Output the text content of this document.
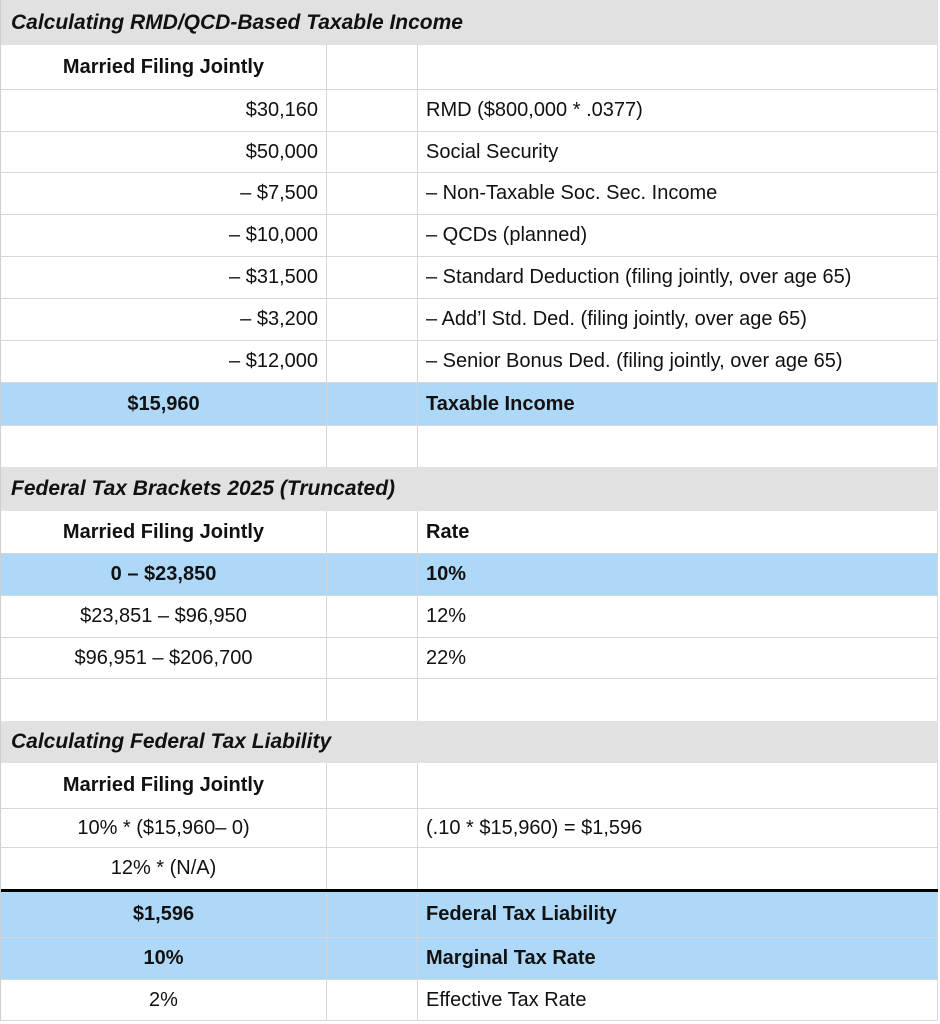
Calculating RMD/QCD-Based Taxable Income
Married Filing Jointly
$30,160	RMD ($800,000 * .0377)
$50,000	Social Security
– $7,500	– Non-Taxable Soc. Sec. Income
– $10,000	– QCDs (planned)
– $31,500	– Standard Deduction (filing jointly, over age 65)
– $3,200	– Add’l Std. Ded. (filing jointly, over age 65)
– $12,000	– Senior Bonus Ded. (filing jointly, over age 65)
$15,960	Taxable Income
Federal Tax Brackets 2025 (Truncated)
Married Filing Jointly	Rate
0 – $23,850	10%
$23,851 – $96,950	12%
$96,951 – $206,700	22%
Calculating Federal Tax Liability
Married Filing Jointly
10% * ($15,960– 0)	(.10 * $15,960) = $1,596
12% * (N/A)
$1,596	Federal Tax Liability
10%	Marginal Tax Rate
2%	Effective Tax Rate
